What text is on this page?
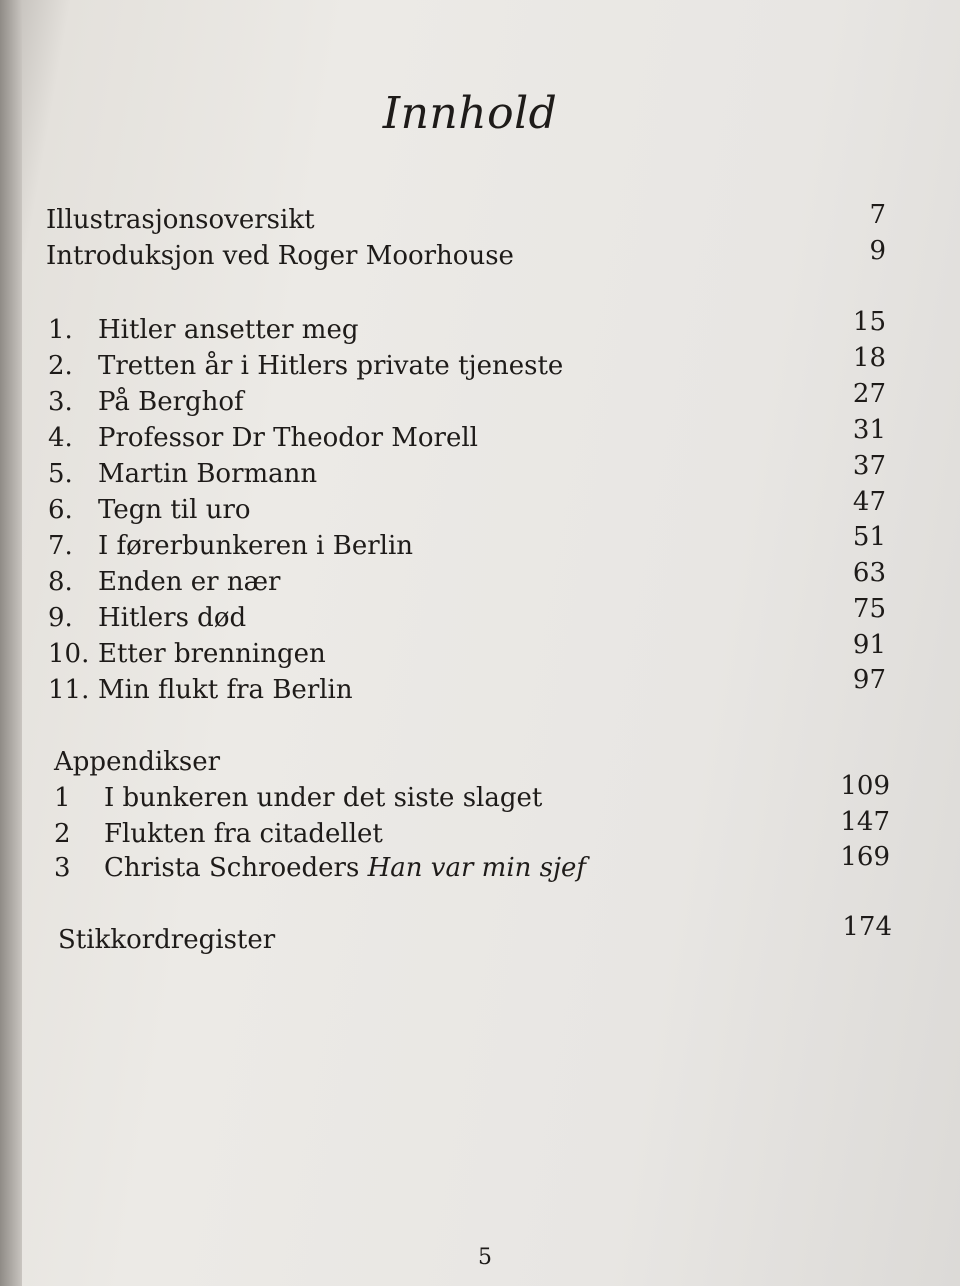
Innhold
Illustrasjonsoversikt	7
Introduksjon ved Roger Moorhouse	9
1. Hitler ansetter meg	15
2. Tretten år i Hitlers private tjeneste	18
3. På Berghof	27
4. Professor Dr Theodor Morell	31
5. Martin Bormann	37
6. Tegn til uro	47
7. I førerbunkeren i Berlin	51
8. Enden er nær	63
9. Hitlers død	75
10. Etter brenningen	91
11. Min flukt fra Berlin	97
Appendikser
1 I bunkeren under det siste slaget	109
2 Flukten fra citadellet	147
3 Christa Schroeders Han var min sjef	169
Stikkordregister	174
5
